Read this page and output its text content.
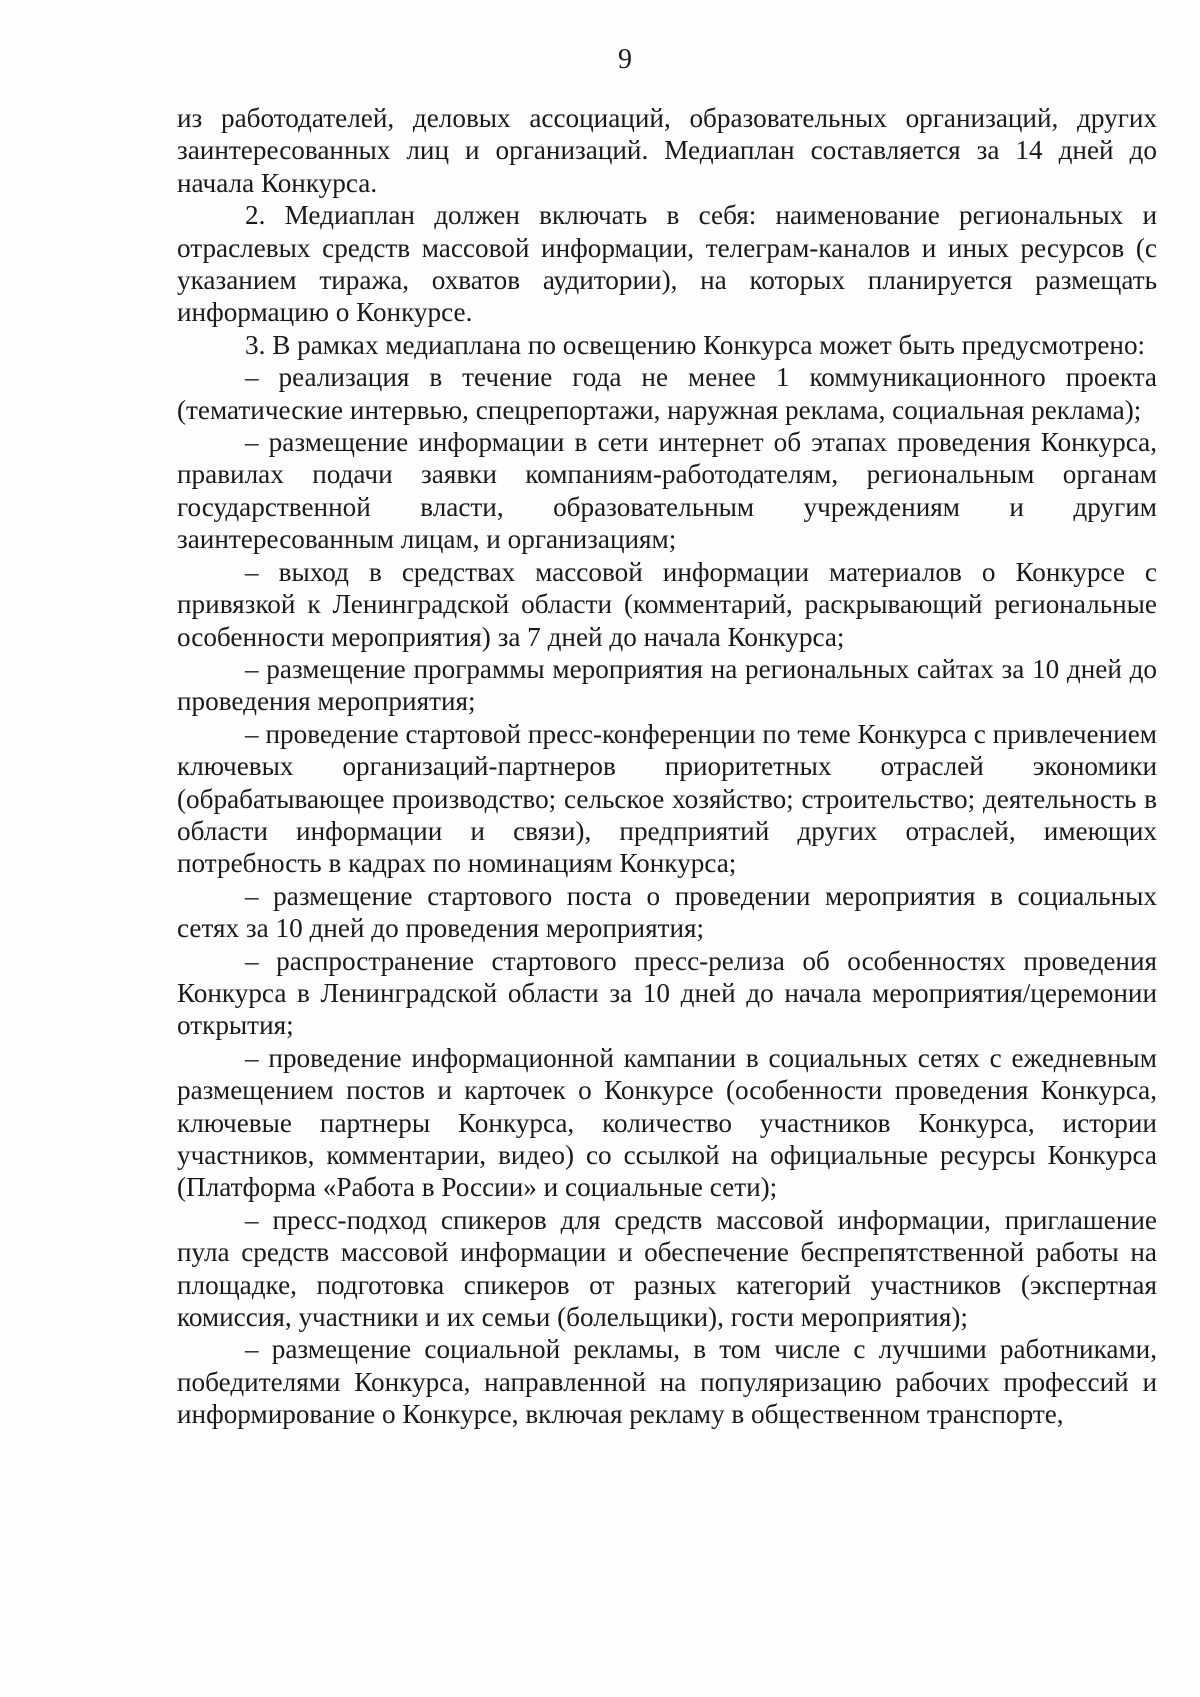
9

из работодателей, деловых ассоциаций, образовательных организаций, других заинтересованных лиц и организаций. Медиаплан составляется за 14 дней до начала Конкурса.

2. Медиаплан должен включать в себя: наименование региональных и отраслевых средств массовой информации, телеграм-каналов и иных ресурсов (с указанием тиража, охватов аудитории), на которых планируется размещать информацию о Конкурсе.

3. В рамках медиаплана по освещению Конкурса может быть предусмотрено:

– реализация в течение года не менее 1 коммуникационного проекта (тематические интервью, спецрепортажи, наружная реклама, социальная реклама);

– размещение информации в сети интернет об этапах проведения Конкурса, правилах подачи заявки компаниям-работодателям, региональным органам государственной власти, образовательным учреждениям и другим заинтересованным лицам, и организациям;

– выход в средствах массовой информации материалов о Конкурсе с привязкой к Ленинградской области (комментарий, раскрывающий региональные особенности мероприятия) за 7 дней до начала Конкурса;

– размещение программы мероприятия на региональных сайтах за 10 дней до проведения мероприятия;

– проведение стартовой пресс-конференции по теме Конкурса с привлечением ключевых организаций-партнеров приоритетных отраслей экономики (обрабатывающее производство; сельское хозяйство; строительство; деятельность в области информации и связи), предприятий других отраслей, имеющих потребность в кадрах по номинациям Конкурса;

– размещение стартового поста о проведении мероприятия в социальных сетях за 10 дней до проведения мероприятия;

– распространение стартового пресс-релиза об особенностях проведения Конкурса в Ленинградской области за 10 дней до начала мероприятия/церемонии открытия;

– проведение информационной кампании в социальных сетях с ежедневным размещением постов и карточек о Конкурсе (особенности проведения Конкурса, ключевые партнеры Конкурса, количество участников Конкурса, истории участников, комментарии, видео) со ссылкой на официальные ресурсы Конкурса (Платформа «Работа в России» и социальные сети);

– пресс-подход спикеров для средств массовой информации, приглашение пула средств массовой информации и обеспечение беспрепятственной работы на площадке, подготовка спикеров от разных категорий участников (экспертная комиссия, участники и их семьи (болельщики), гости мероприятия);

– размещение социальной рекламы, в том числе с лучшими работниками, победителями Конкурса, направленной на популяризацию рабочих профессий и информирование о Конкурсе, включая рекламу в общественном транспорте,
